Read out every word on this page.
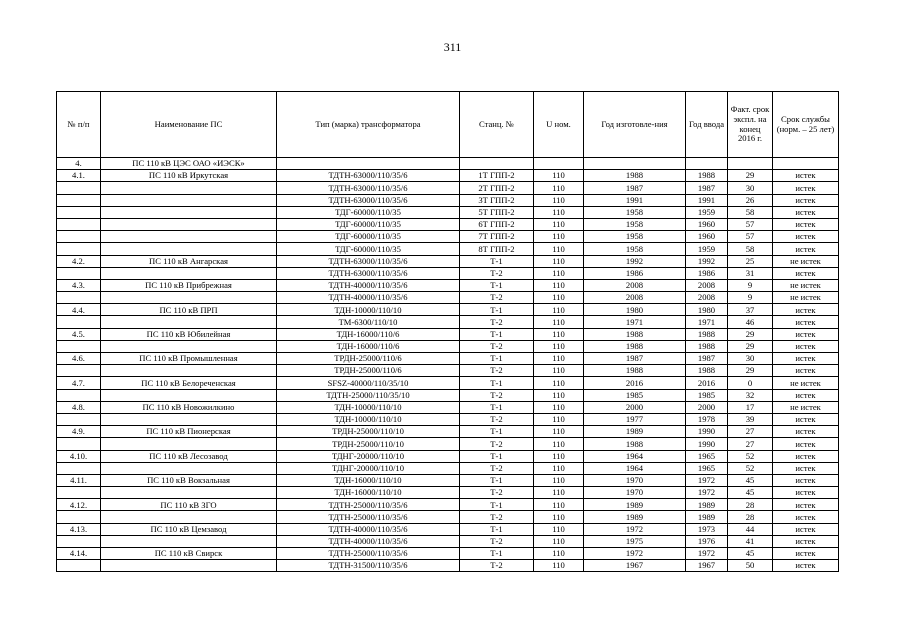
311
№ п/п	Наименование ПС	Тип (марка) трансформатора	Станц. №	U ном.	Год изготовле-ния	Год ввода	Факт. срок экспл. на конец 2016 г.	Срок службы (норм. – 25 лет)
4.	ПС 110 кВ ЦЭС ОАО «ИЭСК»							
4.1.	ПС 110 кВ Иркутская	ТДТН-63000/110/35/6	1Т ГПП-2	110	1988	1988	29	истек
		ТДТН-63000/110/35/6	2Т ГПП-2	110	1987	1987	30	истек
		ТДТН-63000/110/35/6	3Т ГПП-2	110	1991	1991	26	истек
		ТДГ-60000/110/35	5Т ГПП-2	110	1958	1959	58	истек
		ТДГ-60000/110/35	6Т ГПП-2	110	1958	1960	57	истек
		ТДГ-60000/110/35	7Т ГПП-2	110	1958	1960	57	истек
		ТДГ-60000/110/35	8Т ГПП-2	110	1958	1959	58	истек
4.2.	ПС 110 кВ Ангарская	ТДТН-63000/110/35/6	Т-1	110	1992	1992	25	не истек
		ТДТН-63000/110/35/6	Т-2	110	1986	1986	31	истек
4.3.	ПС 110 кВ Прибрежная	ТДТН-40000/110/35/6	Т-1	110	2008	2008	9	не истек
		ТДТН-40000/110/35/6	Т-2	110	2008	2008	9	не истек
4.4.	ПС 110 кВ ПРП	ТДН-10000/110/10	Т-1	110	1980	1980	37	истек
		ТМ-6300/110/10	Т-2	110	1971	1971	46	истек
4.5.	ПС 110 кВ Юбилейная	ТДН-16000/110/6	Т-1	110	1988	1988	29	истек
		ТДН-16000/110/6	Т-2	110	1988	1988	29	истек
4.6.	ПС 110 кВ Промышленная	ТРДН-25000/110/6	Т-1	110	1987	1987	30	истек
		ТРДН-25000/110/6	Т-2	110	1988	1988	29	истек
4.7.	ПС 110 кВ Белореченская	SFSZ-40000/110/35/10	Т-1	110	2016	2016	0	не истек
		ТДТН-25000/110/35/10	Т-2	110	1985	1985	32	истек
4.8.	ПС 110 кВ Новожилкино	ТДН-10000/110/10	Т-1	110	2000	2000	17	не истек
		ТДН-10000/110/10	Т-2	110	1977	1978	39	истек
4.9.	ПС 110 кВ Пионерская	ТРДН-25000/110/10	Т-1	110	1989	1990	27	истек
		ТРДН-25000/110/10	Т-2	110	1988	1990	27	истек
4.10.	ПС 110 кВ Лесозавод	ТДНГ-20000/110/10	Т-1	110	1964	1965	52	истек
		ТДНГ-20000/110/10	Т-2	110	1964	1965	52	истек
4.11.	ПС 110 кВ Вокзальная	ТДН-16000/110/10	Т-1	110	1970	1972	45	истек
		ТДН-16000/110/10	Т-2	110	1970	1972	45	истек
4.12.	ПС 110 кВ ЗГО	ТДТН-25000/110/35/6	Т-1	110	1989	1989	28	истек
		ТДТН-25000/110/35/6	Т-2	110	1989	1989	28	истек
4.13.	ПС 110 кВ Цемзавод	ТДТН-40000/110/35/6	Т-1	110	1972	1973	44	истек
		ТДТН-40000/110/35/6	Т-2	110	1975	1976	41	истек
4.14.	ПС 110 кВ Свирск	ТДТН-25000/110/35/6	Т-1	110	1972	1972	45	истек
		ТДТН-31500/110/35/6	Т-2	110	1967	1967	50	истек
